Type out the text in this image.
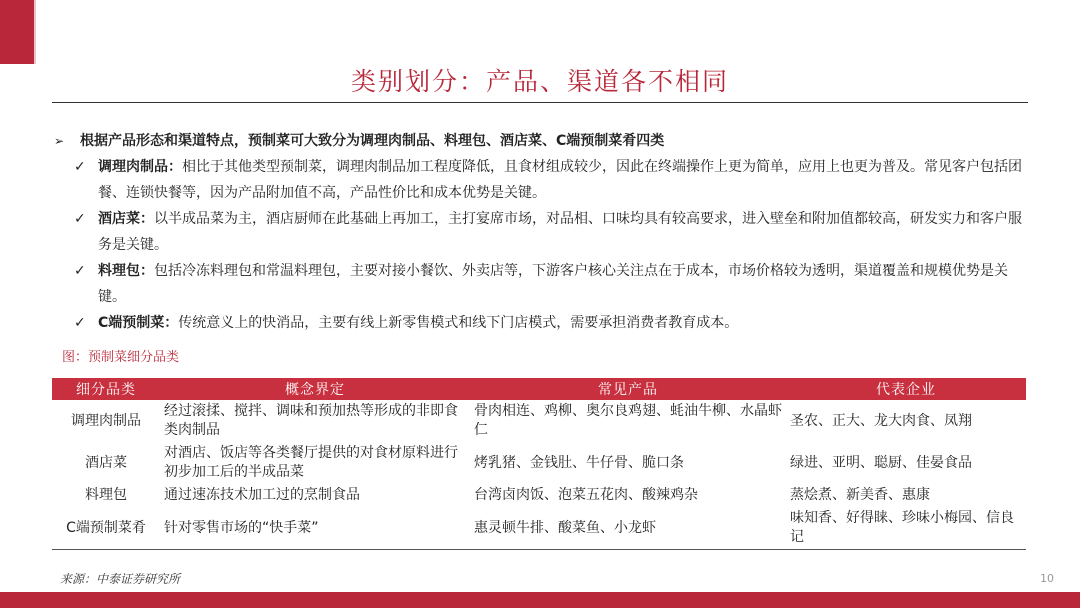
类别划分：产品、渠道各不相同
➢	根据产品形态和渠道特点，预制菜可大致分为调理肉制品、料理包、酒店菜、C端预制菜肴四类
✓ 调理肉制品：相比于其他类型预制菜，调理肉制品加工程度降低，且食材组成较少，因此在终端操作上更为简单，应用上也更为普及。常见客户包括团餐、连锁快餐等，因为产品附加值不高，产品性价比和成本优势是关键。
✓ 酒店菜：以半成品菜为主，酒店厨师在此基础上再加工，主打宴席市场，对品相、口味均具有较高要求，进入壁垒和附加值都较高，研发实力和客户服务是关键。
✓ 料理包：包括冷冻料理包和常温料理包，主要对接小餐饮、外卖店等，下游客户核心关注点在于成本，市场价格较为透明，渠道覆盖和规模优势是关键。
✓ C端预制菜：传统意义上的快消品，主要有线上新零售模式和线下门店模式，需要承担消费者教育成本。
图：预制菜细分品类
细分品类	概念界定	常见产品	代表企业
调理肉制品	经过滚揉、搅拌、调味和预加热等形成的非即食类肉制品	骨肉相连、鸡柳、奥尔良鸡翅、蚝油牛柳、水晶虾仁	圣农、正大、龙大肉食、凤翔
酒店菜	对酒店、饭店等各类餐厅提供的对食材原料进行初步加工后的半成品菜	烤乳猪、金钱肚、牛仔骨、脆口条	绿进、亚明、聪厨、佳晏食品
料理包	通过速冻技术加工过的烹制食品	台湾卤肉饭、泡菜五花肉、酸辣鸡杂	蒸烩煮、新美香、惠康
C端预制菜肴	针对零售市场的“快手菜”	惠灵顿牛排、酸菜鱼、小龙虾	味知香、好得睐、珍味小梅园、信良记
来源：中泰证券研究所	10
